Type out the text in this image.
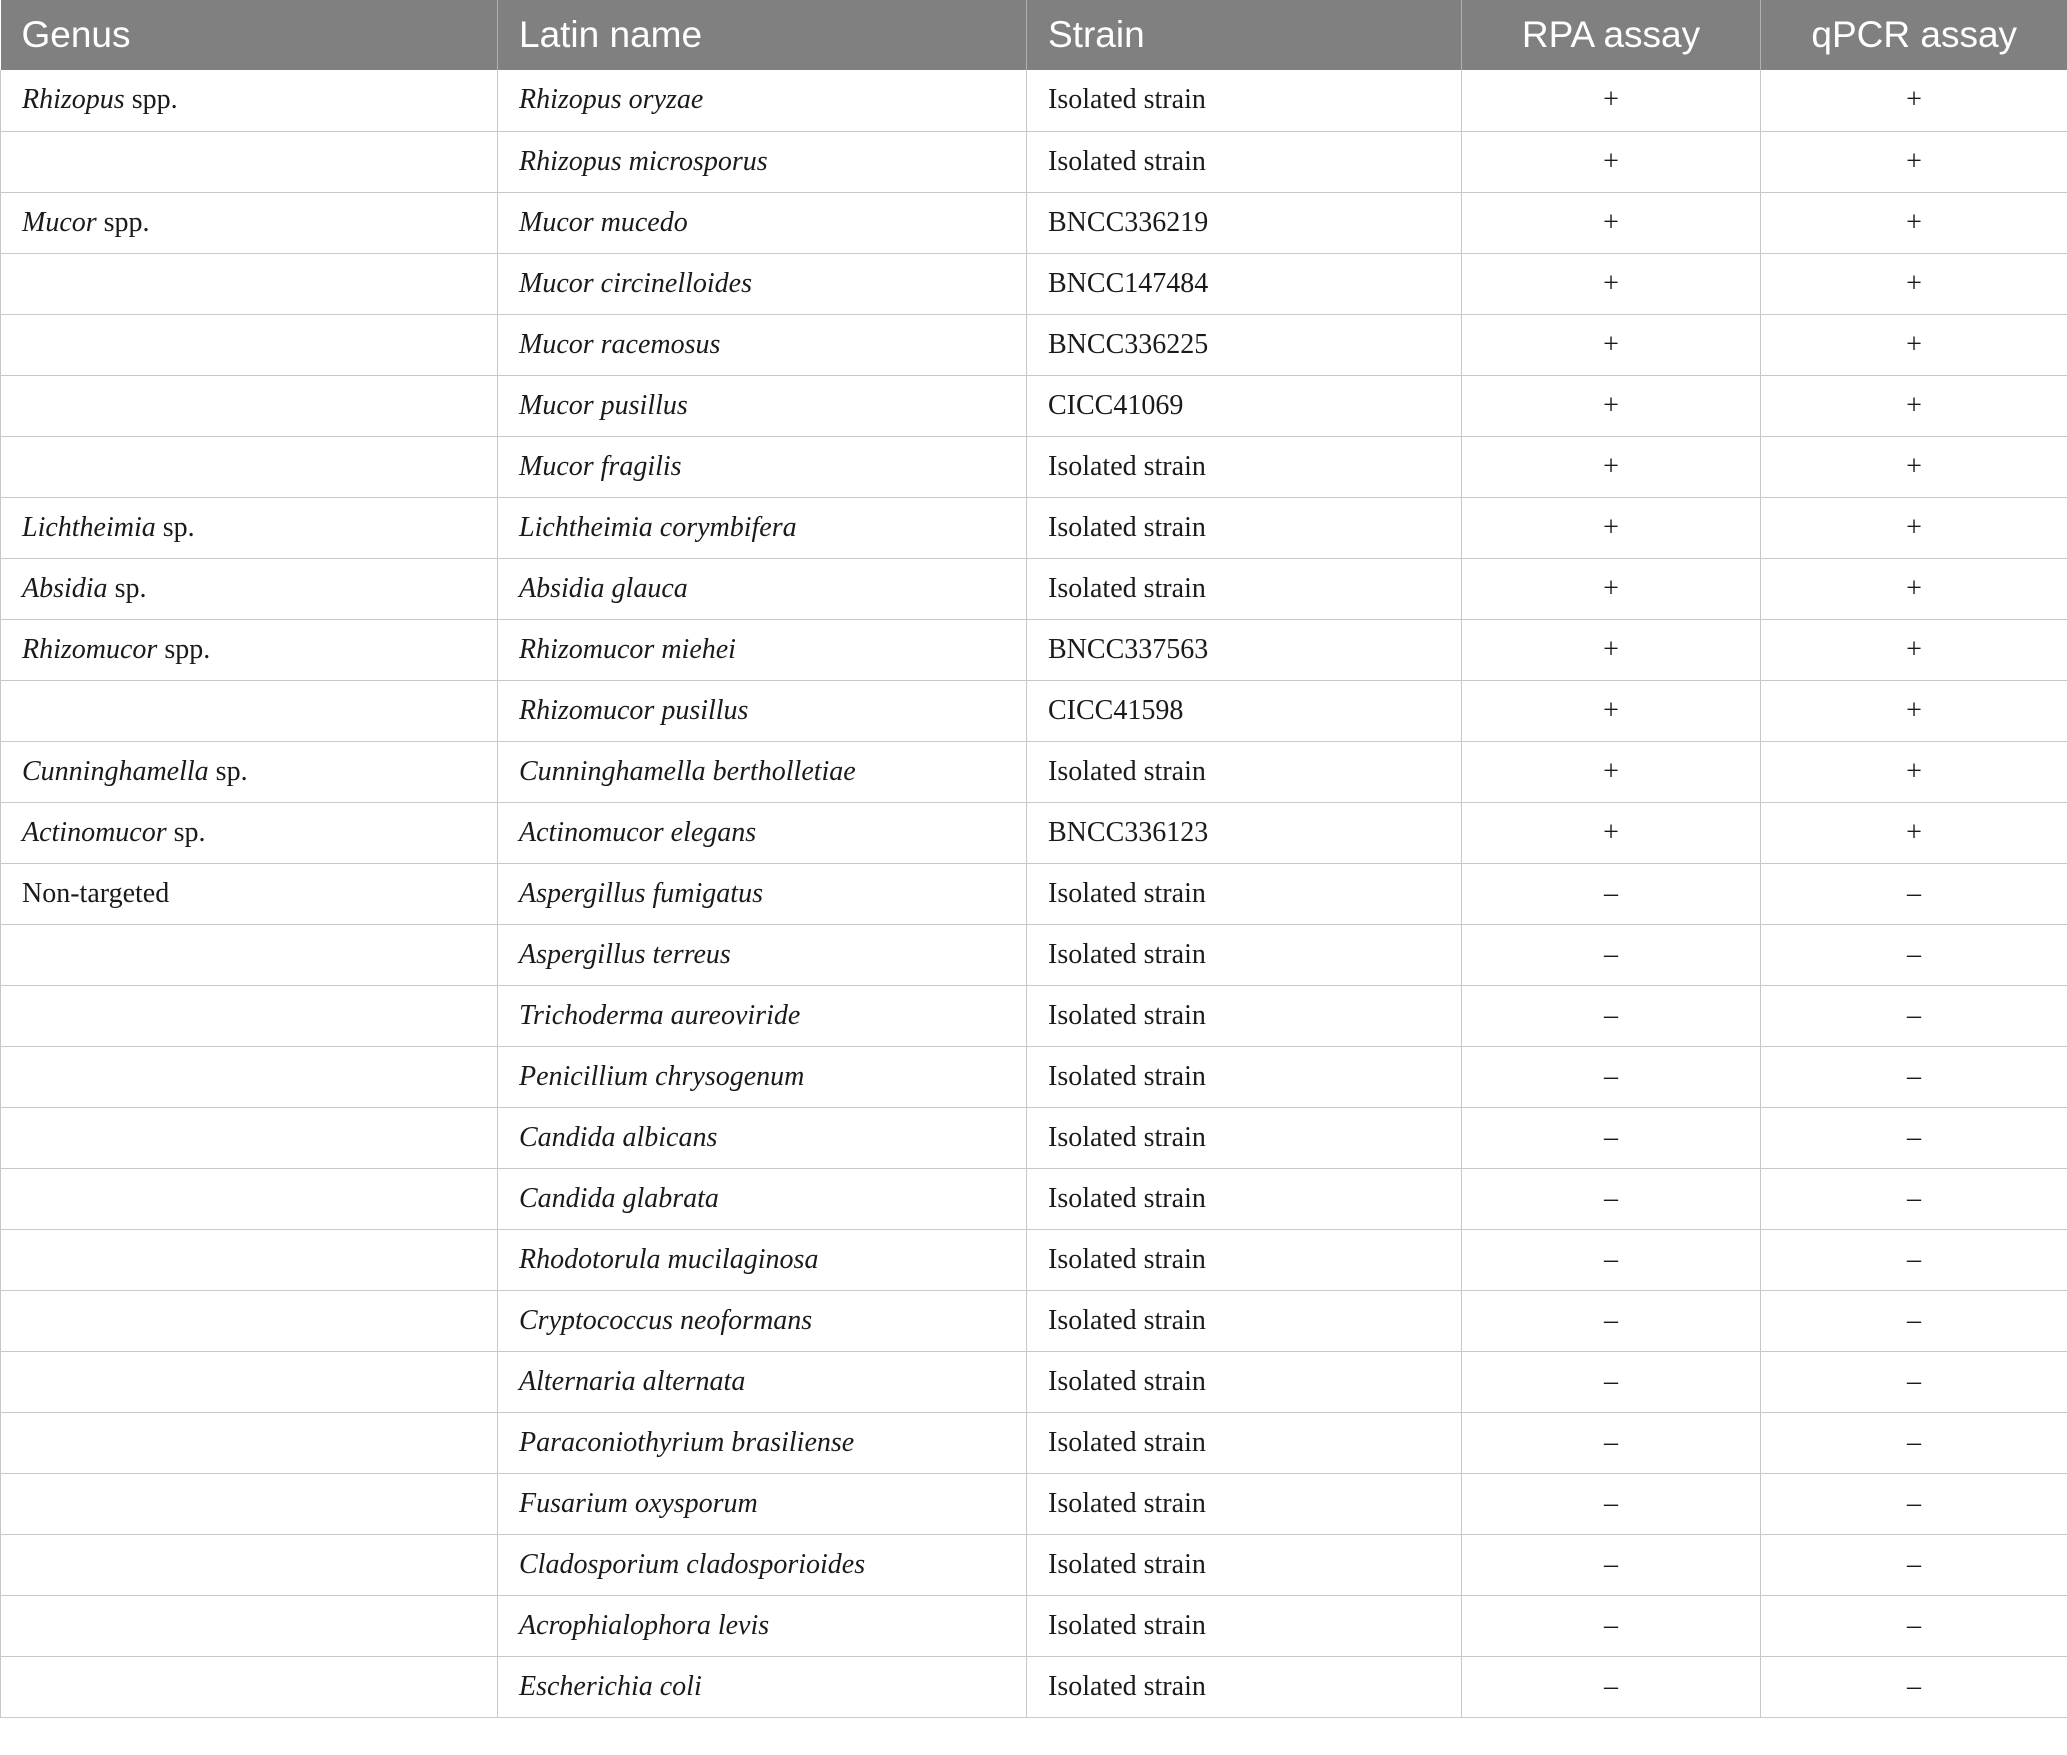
Genus	Latin name	Strain	RPA assay	qPCR assay
Rhizopus spp.	Rhizopus oryzae	Isolated strain	+	+
	Rhizopus microsporus	Isolated strain	+	+
Mucor spp.	Mucor mucedo	BNCC336219	+	+
	Mucor circinelloides	BNCC147484	+	+
	Mucor racemosus	BNCC336225	+	+
	Mucor pusillus	CICC41069	+	+
	Mucor fragilis	Isolated strain	+	+
Lichtheimia sp.	Lichtheimia corymbifera	Isolated strain	+	+
Absidia sp.	Absidia glauca	Isolated strain	+	+
Rhizomucor spp.	Rhizomucor miehei	BNCC337563	+	+
	Rhizomucor pusillus	CICC41598	+	+
Cunninghamella sp.	Cunninghamella bertholletiae	Isolated strain	+	+
Actinomucor sp.	Actinomucor elegans	BNCC336123	+	+
Non-targeted	Aspergillus fumigatus	Isolated strain	–	–
	Aspergillus terreus	Isolated strain	–	–
	Trichoderma aureoviride	Isolated strain	–	–
	Penicillium chrysogenum	Isolated strain	–	–
	Candida albicans	Isolated strain	–	–
	Candida glabrata	Isolated strain	–	–
	Rhodotorula mucilaginosa	Isolated strain	–	–
	Cryptococcus neoformans	Isolated strain	–	–
	Alternaria alternata	Isolated strain	–	–
	Paraconiothyrium brasiliense	Isolated strain	–	–
	Fusarium oxysporum	Isolated strain	–	–
	Cladosporium cladosporioides	Isolated strain	–	–
	Acrophialophora levis	Isolated strain	–	–
	Escherichia coli	Isolated strain	–	–
